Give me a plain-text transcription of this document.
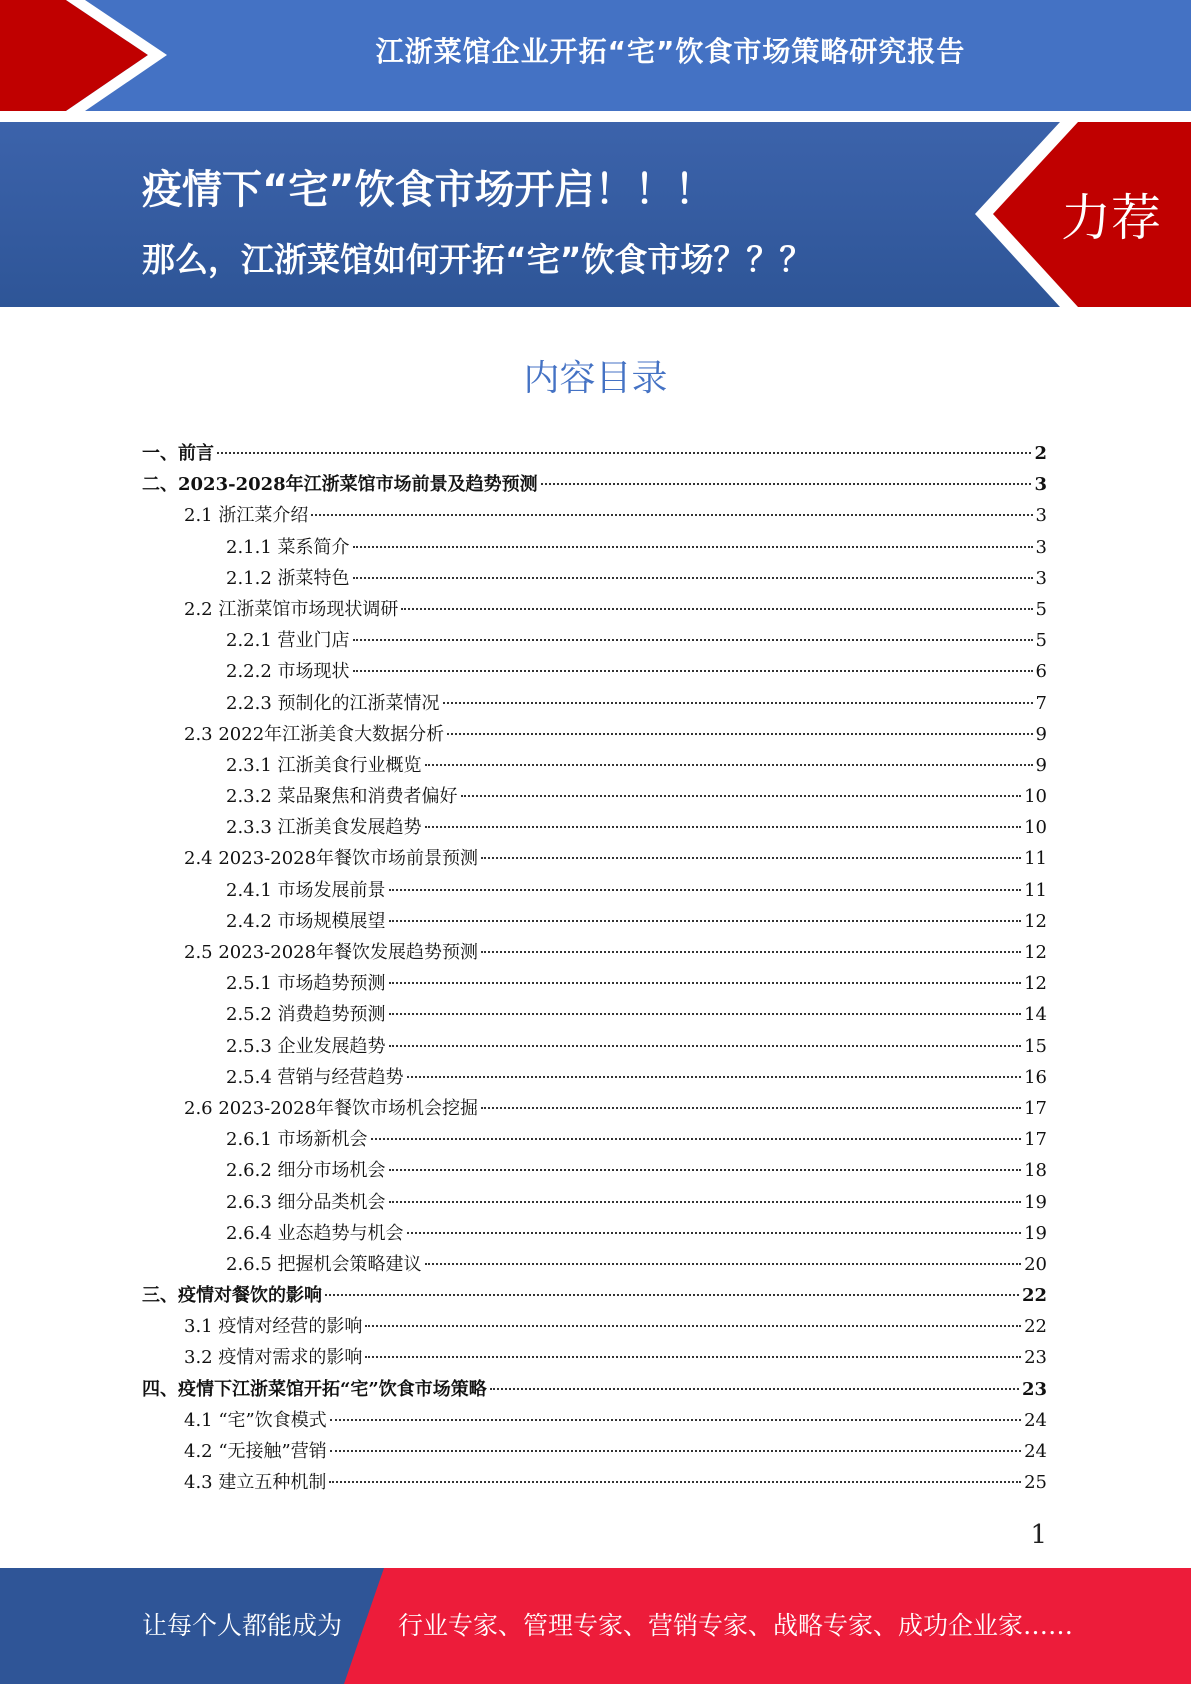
江浙菜馆企业开拓“宅”饮食市场策略研究报告
疫情下“宅”饮食市场开启！！！
那么，江浙菜馆如何开拓“宅”饮食市场？？？
力荐
内容目录
一、前言	2
二、2023-2028年江浙菜馆市场前景及趋势预测	3
2.1 浙江菜介绍	3
2.1.1 菜系简介	3
2.1.2 浙菜特色	3
2.2 江浙菜馆市场现状调研	5
2.2.1 营业门店	5
2.2.2 市场现状	6
2.2.3 预制化的江浙菜情况	7
2.3 2022年江浙美食大数据分析	9
2.3.1 江浙美食行业概览	9
2.3.2 菜品聚焦和消费者偏好	10
2.3.3 江浙美食发展趋势	10
2.4 2023-2028年餐饮市场前景预测	11
2.4.1 市场发展前景	11
2.4.2 市场规模展望	12
2.5 2023-2028年餐饮发展趋势预测	12
2.5.1 市场趋势预测	12
2.5.2 消费趋势预测	14
2.5.3 企业发展趋势	15
2.5.4 营销与经营趋势	16
2.6 2023-2028年餐饮市场机会挖掘	17
2.6.1 市场新机会	17
2.6.2 细分市场机会	18
2.6.3 细分品类机会	19
2.6.4 业态趋势与机会	19
2.6.5 把握机会策略建议	20
三、疫情对餐饮的影响	22
3.1 疫情对经营的影响	22
3.2 疫情对需求的影响	23
四、疫情下江浙菜馆开拓“宅”饮食市场策略	23
4.1 “宅”饮食模式	24
4.2 “无接触”营销	24
4.3 建立五种机制	25
1
让每个人都能成为 行业专家、管理专家、营销专家、战略专家、成功企业家……
